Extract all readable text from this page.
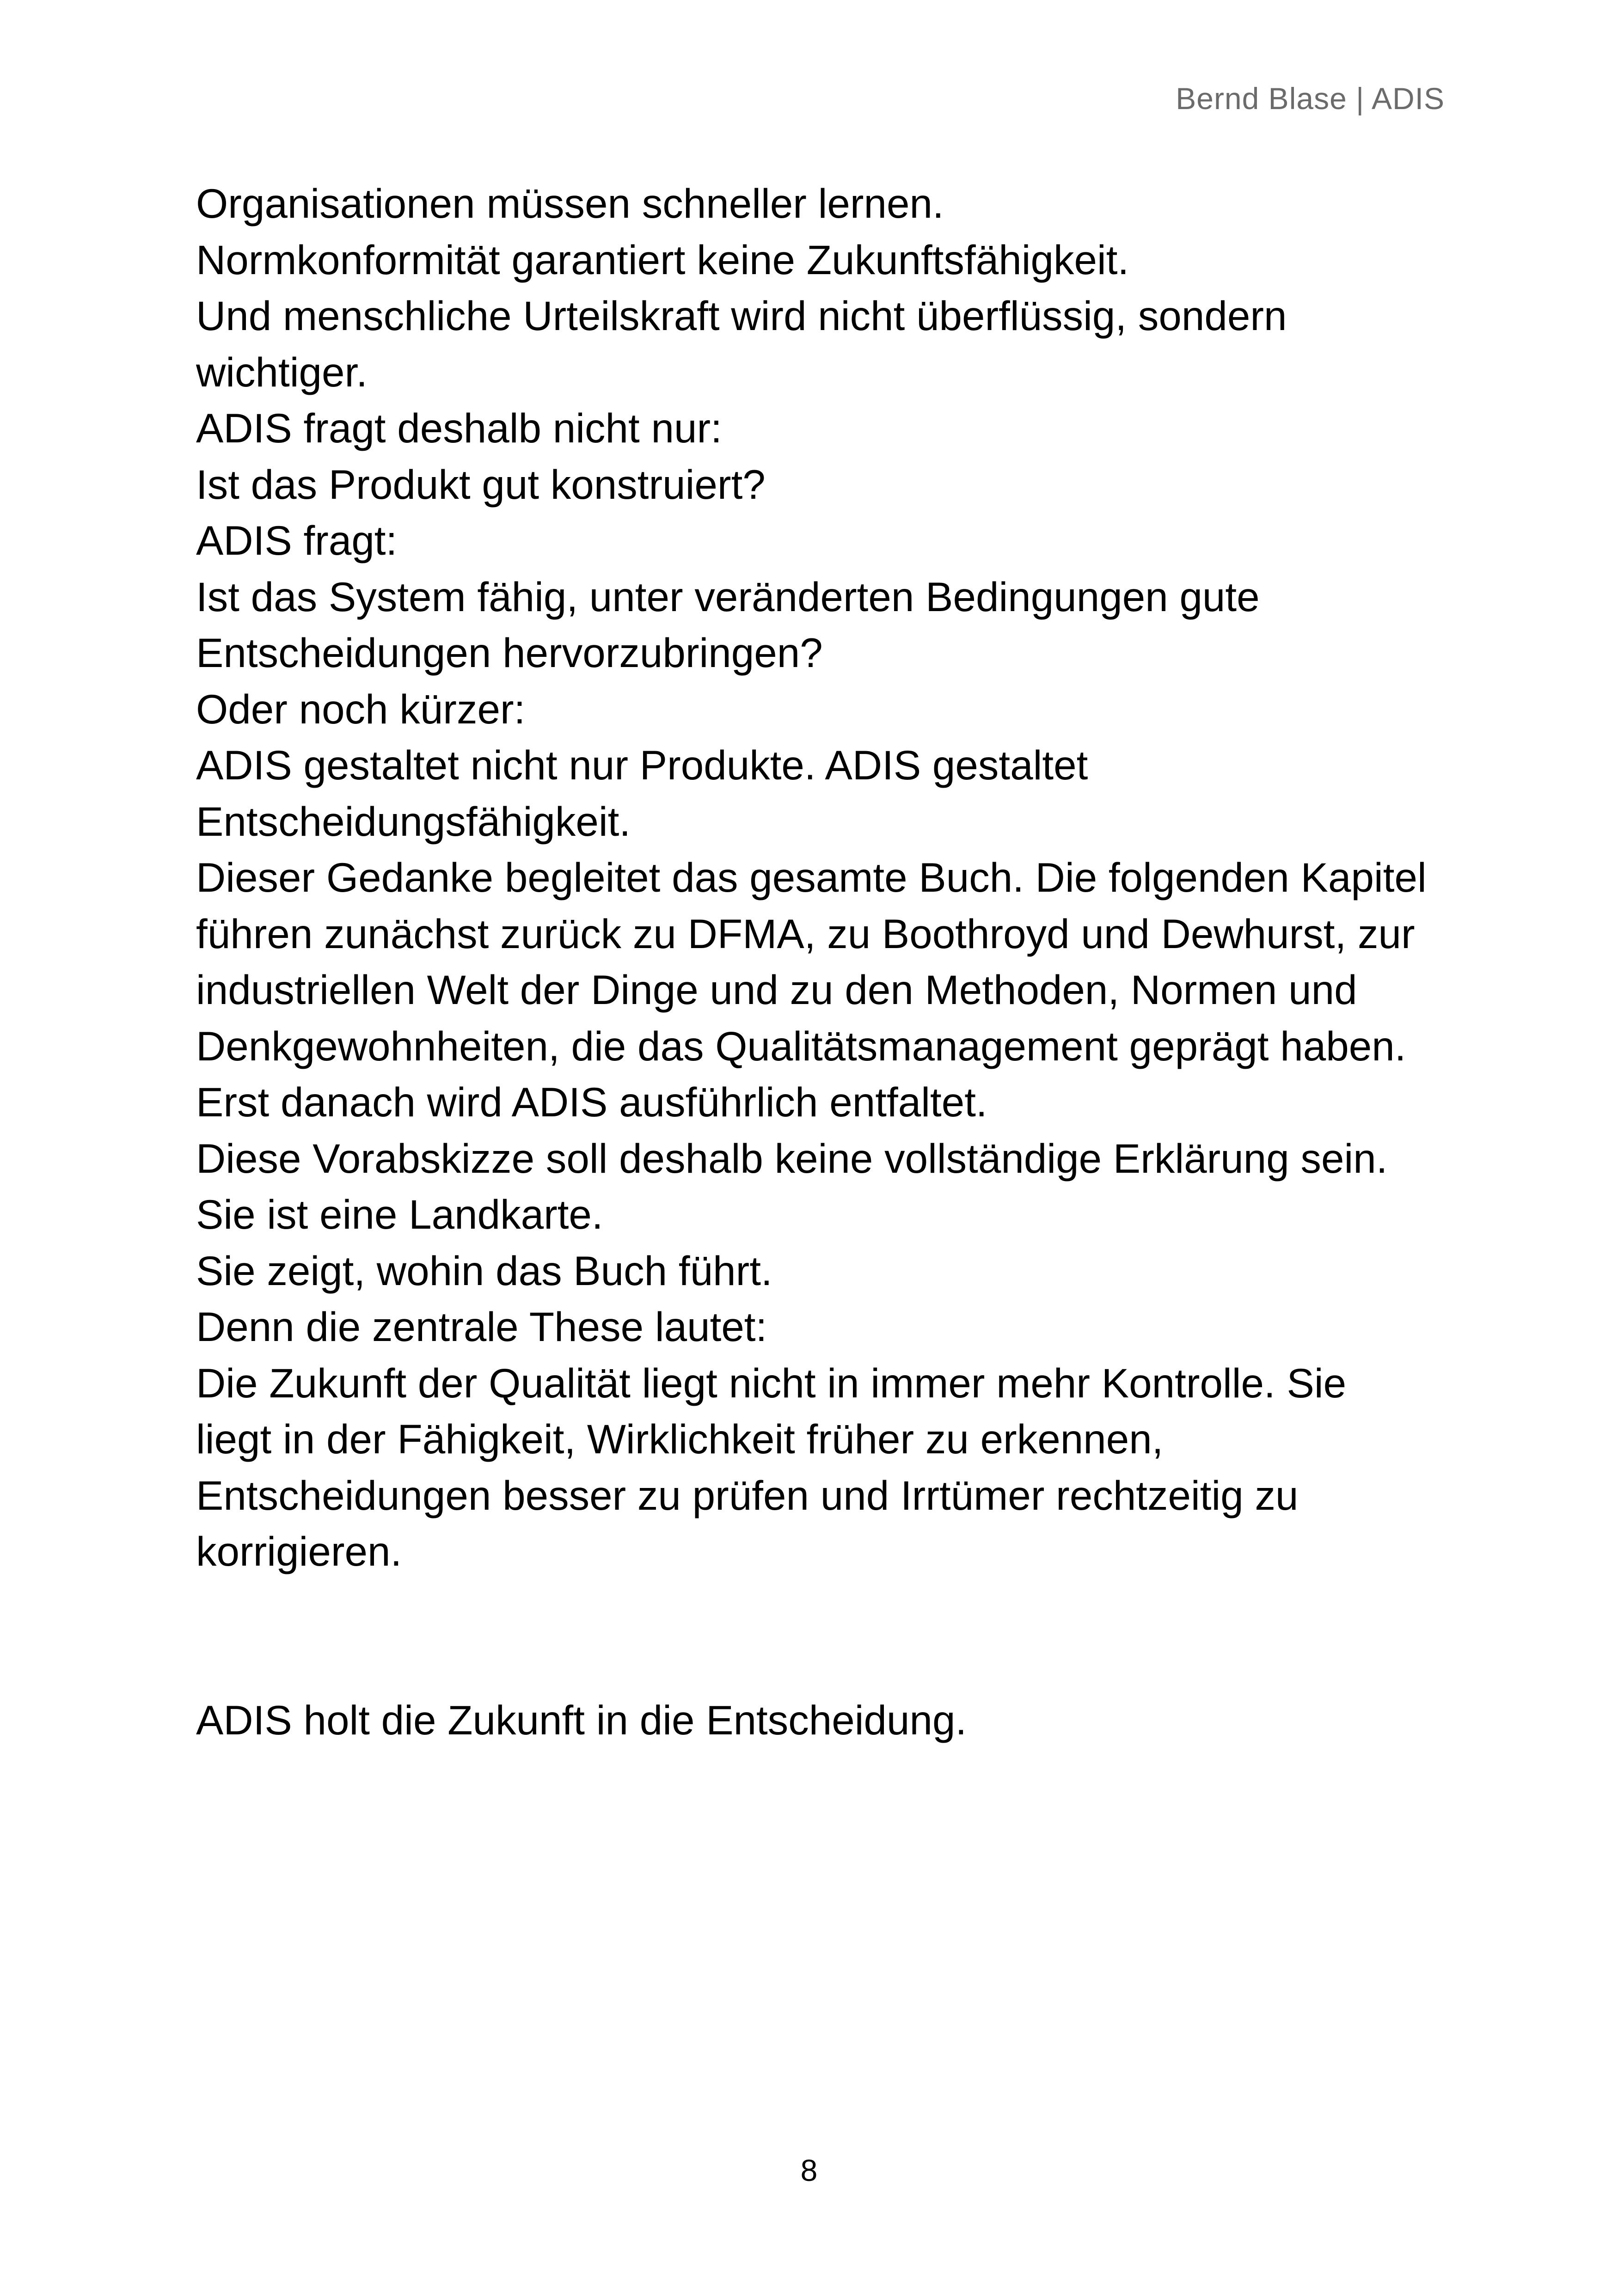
Bernd Blase | ADIS
Organisationen müssen schneller lernen.
Normkonformität garantiert keine Zukunftsfähigkeit.
Und menschliche Urteilskraft wird nicht überflüssig, sondern
wichtiger.
ADIS fragt deshalb nicht nur:
Ist das Produkt gut konstruiert?
ADIS fragt:
Ist das System fähig, unter veränderten Bedingungen gute
Entscheidungen hervorzubringen?
Oder noch kürzer:
ADIS gestaltet nicht nur Produkte. ADIS gestaltet
Entscheidungsfähigkeit.
Dieser Gedanke begleitet das gesamte Buch. Die folgenden Kapitel
führen zunächst zurück zu DFMA, zu Boothroyd und Dewhurst, zur
industriellen Welt der Dinge und zu den Methoden, Normen und
Denkgewohnheiten, die das Qualitätsmanagement geprägt haben.
Erst danach wird ADIS ausführlich entfaltet.
Diese Vorabskizze soll deshalb keine vollständige Erklärung sein.
Sie ist eine Landkarte.
Sie zeigt, wohin das Buch führt.
Denn die zentrale These lautet:
Die Zukunft der Qualität liegt nicht in immer mehr Kontrolle. Sie
liegt in der Fähigkeit, Wirklichkeit früher zu erkennen,
Entscheidungen besser zu prüfen und Irrtümer rechtzeitig zu
korrigieren.
ADIS holt die Zukunft in die Entscheidung.
8
